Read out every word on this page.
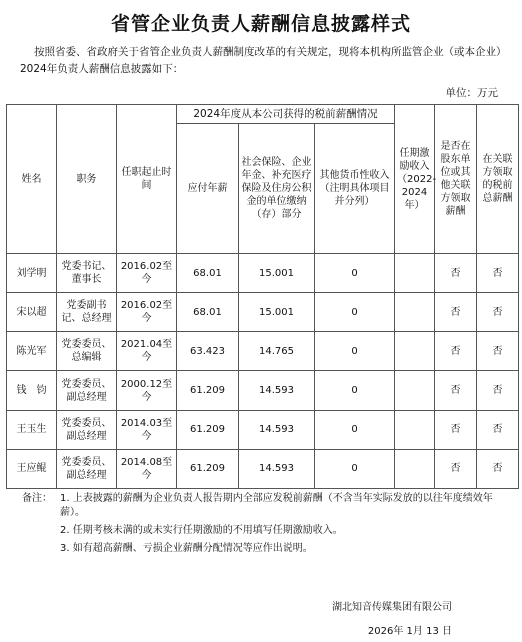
省管企业负责人薪酬信息披露样式
按照省委、省政府关于省管企业负责人薪酬制度改革的有关规定，现将本机构所监管企业（或本企业）2024年负责人薪酬信息披露如下：
单位：万元
姓名	职务	任职起止时间	2024年度从本公司获得的税前薪酬情况			任期激励收入（2022-2024年）	是否在股东单位或其他关联方领取薪酬	在关联方领取的税前总薪酬
			应付年薪	社会保险、企业年金、补充医疗保险及住房公积金的单位缴纳（存）部分	其他货币性收入（注明具体项目并分列）			
刘学明	党委书记、董事长	2016.02至今	68.01	15.001	0		否	否
宋以超	党委副书记、总经理	2016.02至今	68.01	15.001	0		否	否
陈光军	党委委员、总编辑	2021.04至今	63.423	14.765	0		否	否
钱　钧	党委委员、副总经理	2000.12至今	61.209	14.593	0		否	否
王玉生	党委委员、副总经理	2014.03至今	61.209	14.593	0		否	否
王应鲲	党委委员、副总经理	2014.08至今	61.209	14.593	0		否	否
备注： 1. 上表披露的薪酬为企业负责人报告期内全部应发税前薪酬（不含当年实际发放的以往年度绩效年薪）。
2. 任期考核未满的或未实行任期激励的不用填写任期激励收入。
3. 如有超高薪酬、亏损企业薪酬分配情况等应作出说明。
湖北知音传媒集团有限公司
2026年 1月 13 日
